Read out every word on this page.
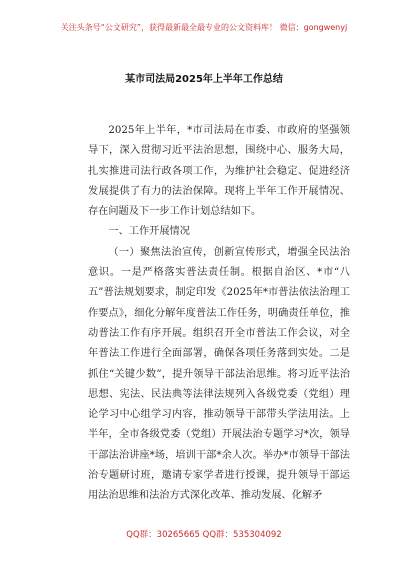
关注头条号“公文研究”，获得最新最全最专业的公文资料库！ 微信：gongwenyj
某市司法局2025年上半年工作总结

2025年上半年，*市司法局在市委、市政府的坚强领导下，深入贯彻习近平法治思想，围绕中心、服务大局，扎实推进司法行政各项工作，为维护社会稳定、促进经济发展提供了有力的法治保障。现将上半年工作开展情况、存在问题及下一步工作计划总结如下。

一、工作开展情况

（一）聚焦法治宣传，创新宣传形式，增强全民法治意识。一是严格落实普法责任制。根据自治区、*市“八五”普法规划要求，制定印发《2025年*市普法依法治理工作要点》，细化分解年度普法工作任务，明确责任单位，推动普法工作有序开展。组织召开全市普法工作会议，对全年普法工作进行全面部署，确保各项任务落到实处。二是抓住“关键少数”，提升领导干部法治思维。将习近平法治思想、宪法、民法典等法律法规列入各级党委（党组）理论学习中心组学习内容，推动领导干部带头学法用法。上半年，全市各级党委（党组）开展法治专题学习*次，领导干部法治讲座*场，培训干部*余人次。举办*市领导干部法治专题研讨班，邀请专家学者进行授课，提升领导干部运用法治思维和法治方式深化改革、推动发展、化解矛

QQ群：30265665 QQ群：535304092
